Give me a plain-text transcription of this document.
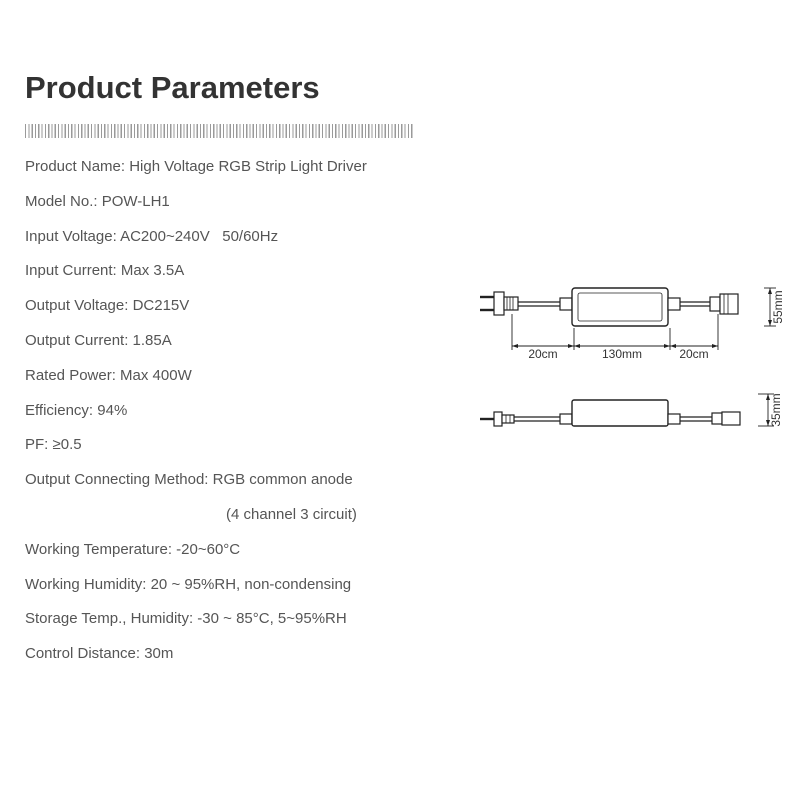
Product Parameters
Product Name: High Voltage RGB Strip Light Driver
Model No.: POW-LH1
Input Voltage: AC200~240V   50/60Hz
Input Current: Max 3.5A
Output Voltage: DC215V
Output Current: 1.85A
Rated Power: Max 400W
Efficiency: 94%
PF: ≥0.5
Output Connecting Method: RGB common anode
(4 channel 3 circuit)
Working Temperature: -20~60°C
Working Humidity: 20 ~ 95%RH, non-condensing
Storage Temp., Humidity: -30 ~ 85°C, 5~95%RH
Control Distance: 30m
20cm	130mm	20cm
55mm
35mm
